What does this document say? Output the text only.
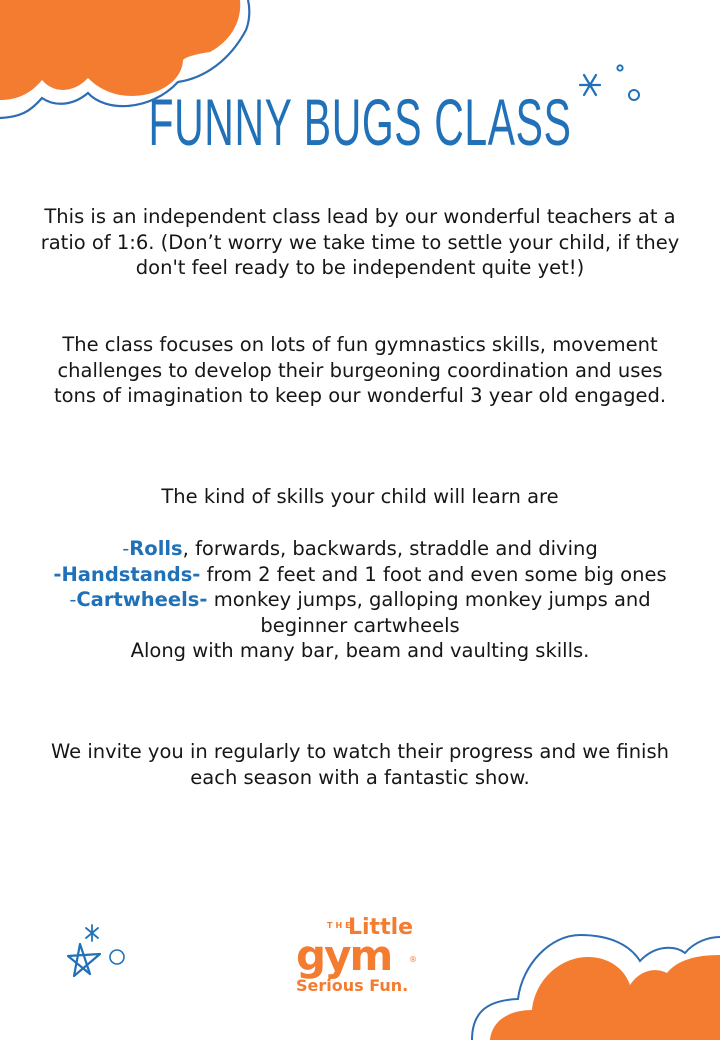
FUNNY BUGS CLASS

This is an independent class lead by our wonderful teachers at a ratio of 1:6. (Don’t worry we take time to settle your child, if they don't feel ready to be independent quite yet!)

The class focuses on lots of fun gymnastics skills, movement challenges to develop their burgeoning coordination and uses tons of imagination to keep our wonderful 3 year old engaged.

The kind of skills your child will learn are

-Rolls, forwards, backwards, straddle and diving
-Handstands- from 2 feet and 1 foot and even some big ones
-Cartwheels- monkey jumps, galloping monkey jumps and beginner cartwheels
Along with many bar, beam and vaulting skills.

We invite you in regularly to watch their progress and we finish each season with a fantastic show.

THE
Little
gym ®
Serious Fun.
